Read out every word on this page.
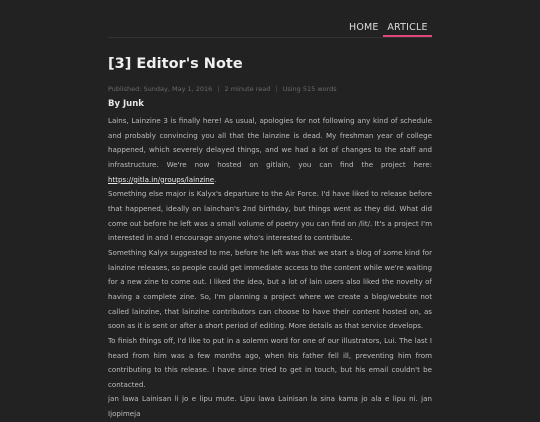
HOME ARTICLE
[3] Editor's Note
Published: Sunday, May 1, 2016 | 2 minute read | Using 515 words
By Junk

Lains, Lainzine 3 is finally here! As usual, apologies for not following any kind of schedule and probably convincing you all that the lainzine is dead. My freshman year of college happened, which severely delayed things, and we had a lot of changes to the staff and infrastructure. We're now hosted on gitlain, you can find the project here: https://gitla.in/groups/lainzine.

Something else major is Kalyx's departure to the Air Force. I'd have liked to release before that happened, ideally on lainchan's 2nd birthday, but things went as they did. What did come out before he left was a small volume of poetry you can find on /lit/. It's a project I'm interested in and I encourage anyone who's interested to contribute.

Something Kalyx suggested to me, before he left was that we start a blog of some kind for lainzine releases, so people could get immediate access to the content while we're waiting for a new zine to come out. I liked the idea, but a lot of lain users also liked the novelty of having a complete zine. So, I'm planning a project where we create a blog/website not called lainzine, that lainzine contributors can choose to have their content hosted on, as soon as it is sent or after a short period of editing. More details as that service develops.

To finish things off, I'd like to put in a solemn word for one of our illustrators, Lui. The last I heard from him was a few months ago, when his father fell ill, preventing him from contributing to this release. I have since tried to get in touch, but his email couldn't be contacted.

jan lawa Lainisan li jo e lipu mute. Lipu lawa Lainisan la sina kama jo ala e lipu ni. jan Ijopimeja
